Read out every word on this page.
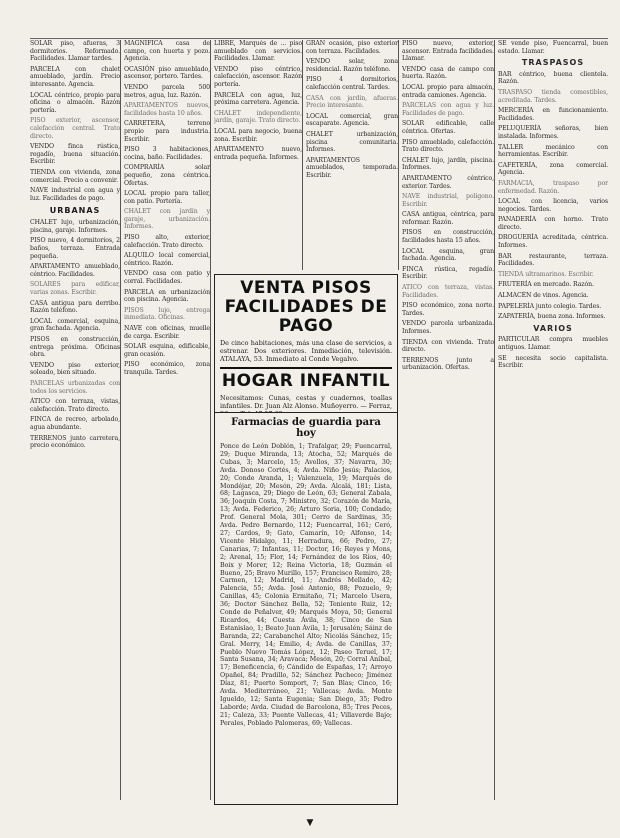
SOLAR piso, afueras, 3 dormitorios. Reformado. Facilidades. Llamar tardes.

PARCELA con chalet amueblado, jardín. Precio interesante. Agencia.

LOCAL céntrico, propio para oficina o almacén. Razón portería.

PISO exterior, ascensor, calefacción central. Trato directo.

VENDO finca rústica, regadío, buena situación. Escribir.

TIENDA con vivienda, zona comercial. Precio a convenir.

NAVE industrial con agua y luz. Facilidades de pago.

URBANAS

CHALET lujo, urbanización, piscina, garaje. Informes.

PISO nuevo, 4 dormitorios, 2 baños, terraza. Entrada pequeña.

APARTAMENTO amueblado, céntrico. Facilidades.

SOLARES para edificar, varias zonas. Escribir.

CASA antigua para derribo. Razón teléfono.

LOCAL comercial, esquina, gran fachada. Agencia.

PISOS en construcción, entrega próxima. Oficinas obra.

VENDO piso exterior, soleado, bien situado.

PARCELAS urbanizadas con todos los servicios.

ÁTICO con terraza, vistas, calefacción. Trato directo.

FINCA de recreo, arbolado, agua abundante.

TERRENOS junto carretera, precio económico.

MAGNÍFICA casa de campo, con huerta y pozo. Agencia.

OCASIÓN piso amueblado, ascensor, portero. Tardes.

VENDO parcela 500 metros, agua, luz. Razón.

APARTAMENTOS nuevos, facilidades hasta 10 años.

CARRETERA, terreno propio para industria. Escribir.

PISO 3 habitaciones, cocina, baño. Facilidades.

COMPRARÍA solar pequeño, zona céntrica. Ofertas.

LOCAL propio para taller, con patio. Portería.

CHALET con jardín y garaje, urbanización. Informes.

PISO alto, exterior, calefacción. Trato directo.

ALQUILO local comercial, céntrico. Razón.

VENDO casa con patio y corral. Facilidades.

PARCELA en urbanización con piscina. Agencia.

PISOS lujo, entrega inmediata. Oficinas.

NAVE con oficinas, muelle de carga. Escribir.

SOLAR esquina, edificable, gran ocasión.

PISO económico, zona tranquila. Tardes.

LIBRE, Marqués de ... piso amueblado con servicios. Facilidades. Llamar.

VENDO piso céntrico, calefacción, ascensor. Razón portería.

PARCELA con agua, luz, próxima carretera. Agencia.

CHALET independiente, jardín, garaje. Trato directo.

LOCAL para negocio, buena zona. Escribir.

APARTAMENTO nuevo, entrada pequeña. Informes.

GRAN ocasión, piso exterior con terraza. Facilidades.

VENDO solar, zona residencial. Razón teléfono.

PISO 4 dormitorios, calefacción central. Tardes.

CASA con jardín, afueras. Precio interesante.

LOCAL comercial, gran escaparate. Agencia.

CHALET urbanización, piscina comunitaria. Informes.

APARTAMENTOS amueblados, temporada. Escribir.

PISO nuevo, exterior, ascensor. Entrada facilidades. Llamar.

VENDO casa de campo con huerta. Razón.

LOCAL propio para almacén, entrada camiones. Agencia.

PARCELAS con agua y luz. Facilidades de pago.

SOLAR edificable, calle céntrica. Ofertas.

PISO amueblado, calefacción. Trato directo.

CHALET lujo, jardín, piscina. Informes.

APARTAMENTO céntrico, exterior. Tardes.

NAVE industrial, polígono. Escribir.

CASA antigua, céntrica, para reformar. Razón.

PISOS en construcción, facilidades hasta 15 años.

LOCAL esquina, gran fachada. Agencia.

FINCA rústica, regadío. Escribir.

ÁTICO con terraza, vistas. Facilidades.

PISO económico, zona norte. Tardes.

VENDO parcela urbanizada. Informes.

TIENDA con vivienda. Trato directo.

TERRENOS junto a urbanización. Ofertas.

SE vende piso, Fuencarral, buen estado. Llamar.

TRASPASOS

BAR céntrico, buena clientela. Razón.

TRASPASO tienda comestibles, acreditada. Tardes.

MERCERÍA en funcionamiento. Facilidades.

PELUQUERÍA señoras, bien instalada. Informes.

TALLER mecánico con herramientas. Escribir.

CAFETERÍA, zona comercial. Agencia.

FARMACIA, traspaso por enfermedad. Razón.

LOCAL con licencia, varios negocios. Tardes.

PANADERÍA con horno. Trato directo.

DROGUERÍA acreditada, céntrica. Informes.

BAR restaurante, terraza. Facilidades.

TIENDA ultramarinos. Escribir.

FRUTERÍA en mercado. Razón.

ALMACÉN de vinos. Agencia.

PAPELERÍA junto colegio. Tardes.

ZAPATERÍA, buena zona. Informes.

VARIOS

PARTICULAR compra muebles antiguos. Llamar.

SE necesita socio capitalista. Escribir.

VENTA PISOS FACILIDADES DE PAGO
De cinco habitaciones, más una clase de servicios, a estrenar. Dos exteriores. Inmediación, televisión. ATALAYA, 53. Inmediato al Conde Vegalvo.
HOGAR INFANTIL
Necesitamos: Cunas, cestas y cuadernos, toallas infantiles. Dr. Juan Alz Alonso. Muñoyerro. — Ferraz,
Farmacias de guardia para hoy
Ponce de León Doblón, 1; Trafalgar, 29; Fuencarral, 29; Duque Miranda, 13; Atocha, 52; Marqués de Cubas, 3; Marcelo, 15; Avellos, 37; Navarra, 30; Avda. Donoso Cortés, 4; Avda. Niño Jesús; Palacios, 20; Conde Aranda, 1; Valenzuela, 19; Marqués de Mondéjar, 20; Mesón, 29; Avda. Alcalá, 181; Lista, 68; Lagasca, 29; Diego de León, 63; General Zabala, 36; Joaquín Costa, 7; Ministro, 32; Corazón de María, 13; Avda. Federico, 26; Arturo Soria, 100; Condado; Prof. General Mola, 301; Cerro de Sardinas, 35; Avda. Pedro Bernardo, 112; Fuencarral, 161; Ceró, 27; Cardos, 9; Gato, Camarín, 10; Alfonso, 14; Vicente Hidalgo, 11; Herradura, 66; Pedro, 27; Canarias, 7; Infantas, 11; Doctor, 16; Reyes y Mons, 2; Arenal, 15; Flor, 14; Fernández de los Ríos, 40; Boix y Morer, 12; Reina Victoria, 18; Guzmán el Bueno, 25; Bravo Murillo, 157; Francisco Remiro, 28; Carmen, 12; Madrid, 11; Andrés Mellado, 42; Palencia, 55; Avda. José Antonio, 88; Pozuelo, 9; Canillas, 45; Colonia Ermitaño, 71; Marcelo Usera, 36; Doctor Sánchez Bella, 52; Teniente Ruiz, 12; Conde de Peñalver, 49; Marqués Moya, 50; General Ricardos, 44; Cuesta Ávila, 38; Cinco de San Estanislao, 1; Beato Juan Ávila, 1; Jerusalén; Sáinz de Baranda, 22; Carabanchel Alto; Nicolás Sánchez, 15; Gral. Merry, 14; Emilio, 4; Avda. de Canillas, 37; Pueblo Nuevo Tomás López, 12; Paseo Teruel, 17; Santa Susana, 34; Aravaca; Mesón, 20; Corral Aníbal, 17; Beneficencia, 6; Cándido de Españas, 17; Arroyo Opañel, 84; Pradillo, 52; Sánchez Pacheco; Jiménez Díaz, 81; Puerto Somport, 7; San Blas; Cinco, 16; Avda. Mediterráneo, 21; Vallecas; Avda. Monte Igueldo, 12; Santa Eugenia; San Diego, 35; Pedro Laborde; Avda. Ciudad de Barcelona, 85; Tres Peces, 21; Caleza, 33; Puente Vallecas, 41; Villaverde Bajo; Perales, Poblado Palomeras, 69; Vallecas.
▼
